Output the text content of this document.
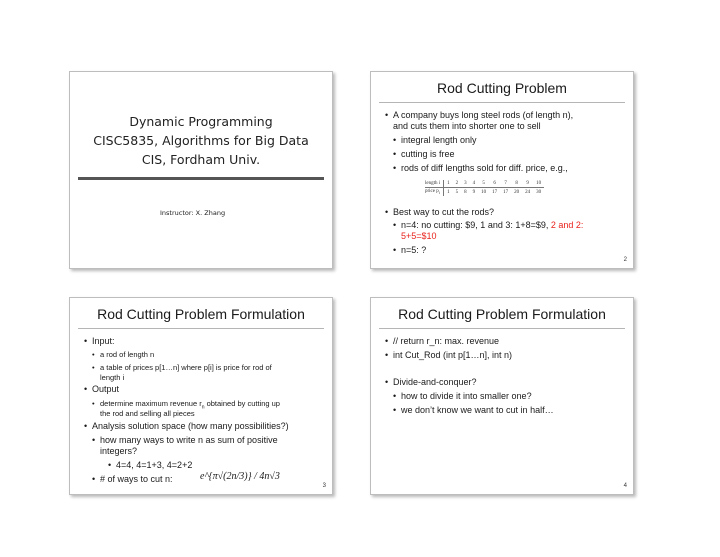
Dynamic Programming
CISC5835, Algorithms for Big Data
CIS, Fordham Univ.
Instructor: X. Zhang
Rod Cutting Problem
• A company buys long steel rods (of length n),
and cuts them into shorter one to sell
• integral length only
• cutting is free
• rods of diff lengths sold for diff. price, e.g.,
length i	1	2	3	4	5	6	7	8	9	10
price $p_i$	1	5	8	9	10	17	17	20	24	30
• Best way to cut the rods?
• n=4: no cutting: $9, 1 and 3: 1+8=$9, 2 and 2:
5+5=$10
• n=5: ?
2
Rod Cutting Problem Formulation
• Input:
• a rod of length n
• a table of prices p[1…n] where p[i] is price for rod of
length i
• Output
• determine maximum revenue $r_n$ obtained by cutting up
the rod and selling all pieces
• Analysis solution space (how many possibilities?)
• how many ways to write n as sum of positive
integers?
• 4=4, 4=1+3, 4=2+2
• # of ways to cut n:	e^{π√(2n/3)} / 4n√3
3
Rod Cutting Problem Formulation
• // return r_n: max. revenue
• int Cut_Rod (int p[1…n], int n)
• Divide-and-conquer?
• how to divide it into smaller one?
• we don’t know we want to cut in half…
4
